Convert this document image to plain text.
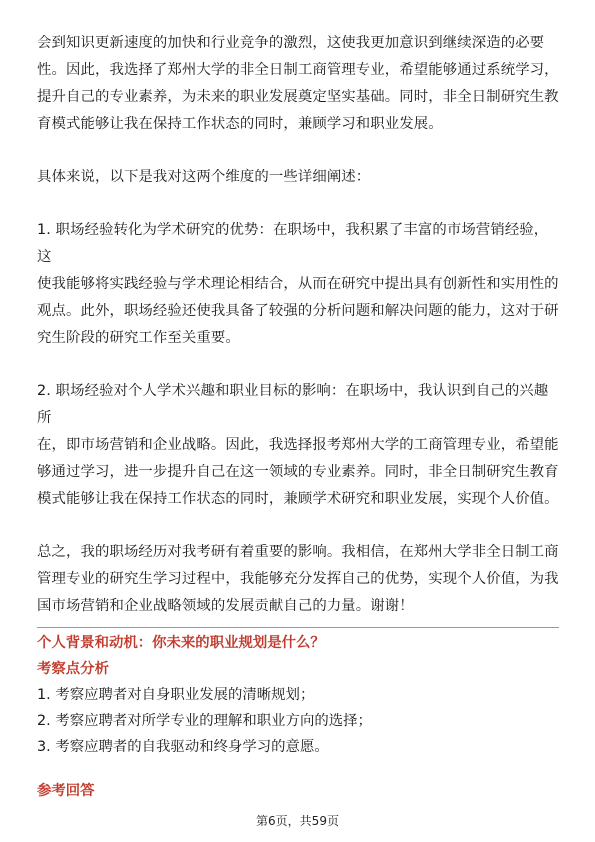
会到知识更新速度的加快和行业竞争的激烈，这使我更加意识到继续深造的必要
性。因此，我选择了郑州大学的非全日制工商管理专业，希望能够通过系统学习，
提升自己的专业素养，为未来的职业发展奠定坚实基础。同时，非全日制研究生教
育模式能够让我在保持工作状态的同时，兼顾学习和职业发展。

具体来说，以下是我对这两个维度的一些详细阐述：

1. 职场经验转化为学术研究的优势：在职场中，我积累了丰富的市场营销经验，这
使我能够将实践经验与学术理论相结合，从而在研究中提出具有创新性和实用性的
观点。此外，职场经验还使我具备了较强的分析问题和解决问题的能力，这对于研
究生阶段的研究工作至关重要。

2. 职场经验对个人学术兴趣和职业目标的影响：在职场中，我认识到自己的兴趣所
在，即市场营销和企业战略。因此，我选择报考郑州大学的工商管理专业，希望能
够通过学习，进一步提升自己在这一领域的专业素养。同时，非全日制研究生教育
模式能够让我在保持工作状态的同时，兼顾学术研究和职业发展，实现个人价值。

总之，我的职场经历对我考研有着重要的影响。我相信，在郑州大学非全日制工商
管理专业的研究生学习过程中，我能够充分发挥自己的优势，实现个人价值，为我
国市场营销和企业战略领域的发展贡献自己的力量。谢谢！

个人背景和动机：你未来的职业规划是什么？

考察点分析

1. 考察应聘者对自身职业发展的清晰规划；

2. 考察应聘者对所学专业的理解和职业方向的选择；

3. 考察应聘者的自我驱动和终身学习的意愿。

参考回答

第6页，共59页
